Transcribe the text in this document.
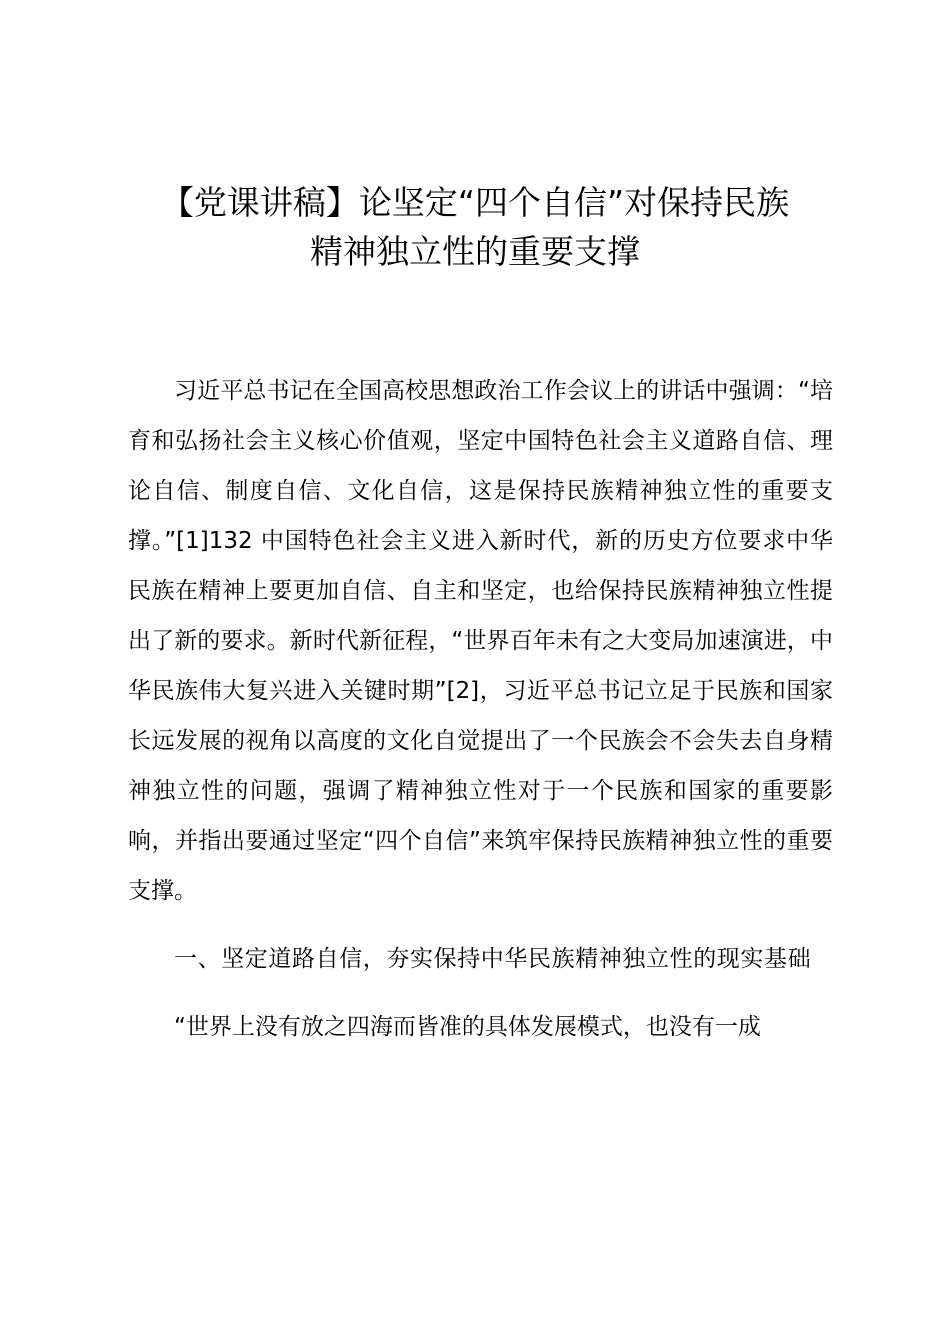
【党课讲稿】论坚定“四个自信”对保持民族
精神独立性的重要支撑

习近平总书记在全国高校思想政治工作会议上的讲话中强调：“培育和弘扬社会主义核心价值观，坚定中国特色社会主义道路自信、理论自信、制度自信、文化自信，这是保持民族精神独立性的重要支撑。”[1]132 中国特色社会主义进入新时代，新的历史方位要求中华民族在精神上要更加自信、自主和坚定，也给保持民族精神独立性提出了新的要求。新时代新征程，“世界百年未有之大变局加速演进，中华民族伟大复兴进入关键时期”[2]，习近平总书记立足于民族和国家长远发展的视角以高度的文化自觉提出了一个民族会不会失去自身精神独立性的问题，强调了精神独立性对于一个民族和国家的重要影响，并指出要通过坚定“四个自信”来筑牢保持民族精神独立性的重要支撑。

一、坚定道路自信，夯实保持中华民族精神独立性的现实基础

“世界上没有放之四海而皆准的具体发展模式，也没有一成
